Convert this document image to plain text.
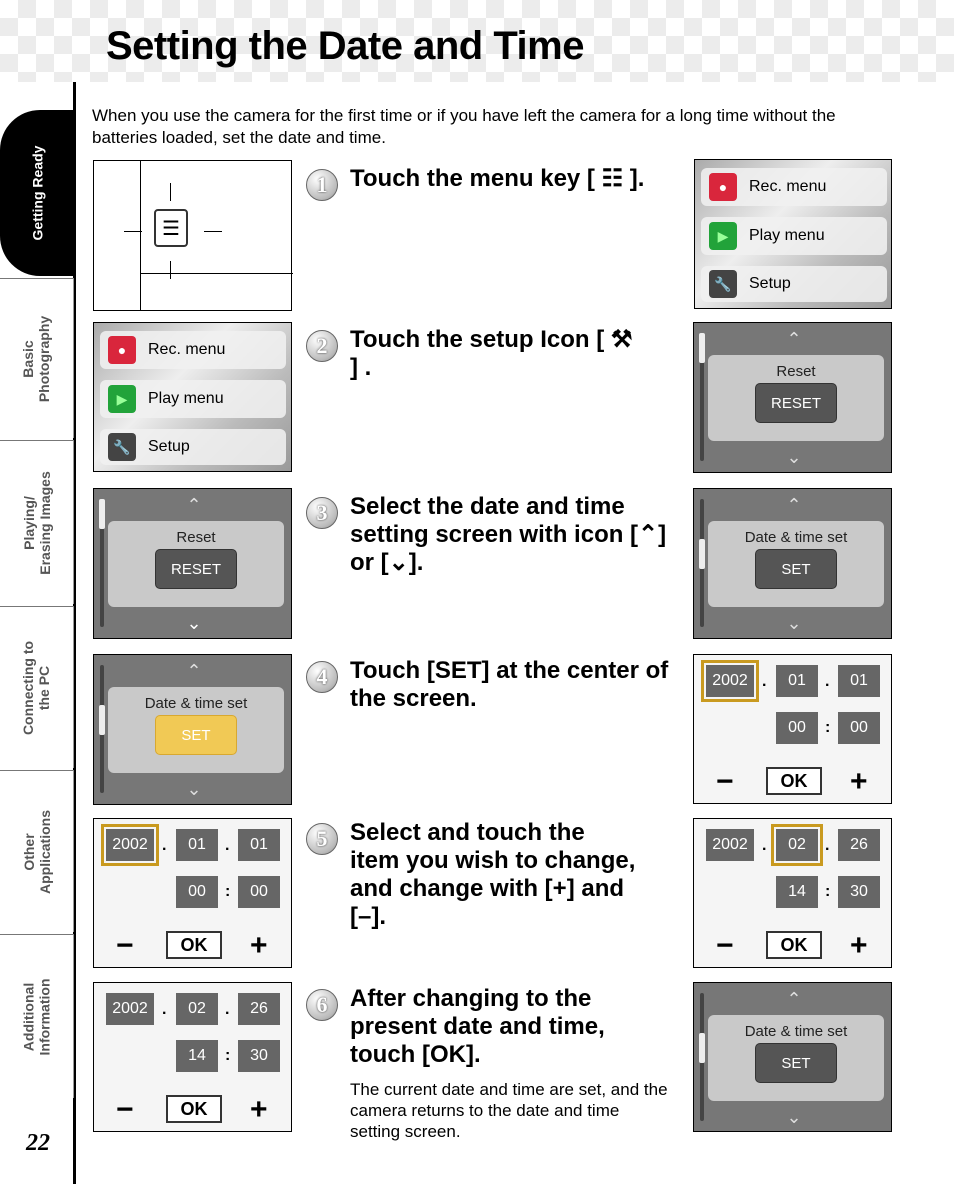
Setting the Date and Time
Getting Ready
Basic
Photography
Playing/
Erasing Images
Connecting to
the PC
Other
Applications
Additional
Information
22
When you use the camera for the first time or if you have left the camera for a long time without the batteries loaded, set the date and time.
☰
1 Touch the menu key [ ☷ ].	●	Rec. menu
▶ Play menu
🔧	Setup
●	Rec. menu
▶ Play menu
🔧	Setup
2 Touch the setup Icon [ ⚒ ] .
⌃
Reset
RESET
⌄
⌃
Reset
RESET
⌄
3 Select the date and time setting screen with icon [⌃] or [⌄].
⌃
Date & time set
SET
⌄
⌃
Date & time set
SET
⌄
4 Touch [SET] at the center of the screen.
2002 .	01	.	01
00	:	00
−	OK	+
2002 .	01	.	01
00	:	00
−	OK	+
5 Select and touch the item you wish to change, and change with [+] and [–].
2002 .	02	.	26
14	:	30
−	OK	+
2002 .	02	.	26
14	:	30
−	OK	+
6 After changing to the present date and time, touch [OK].
The current date and time are set, and the camera returns to the date and time setting screen.
⌃
Date & time set
SET
⌄
